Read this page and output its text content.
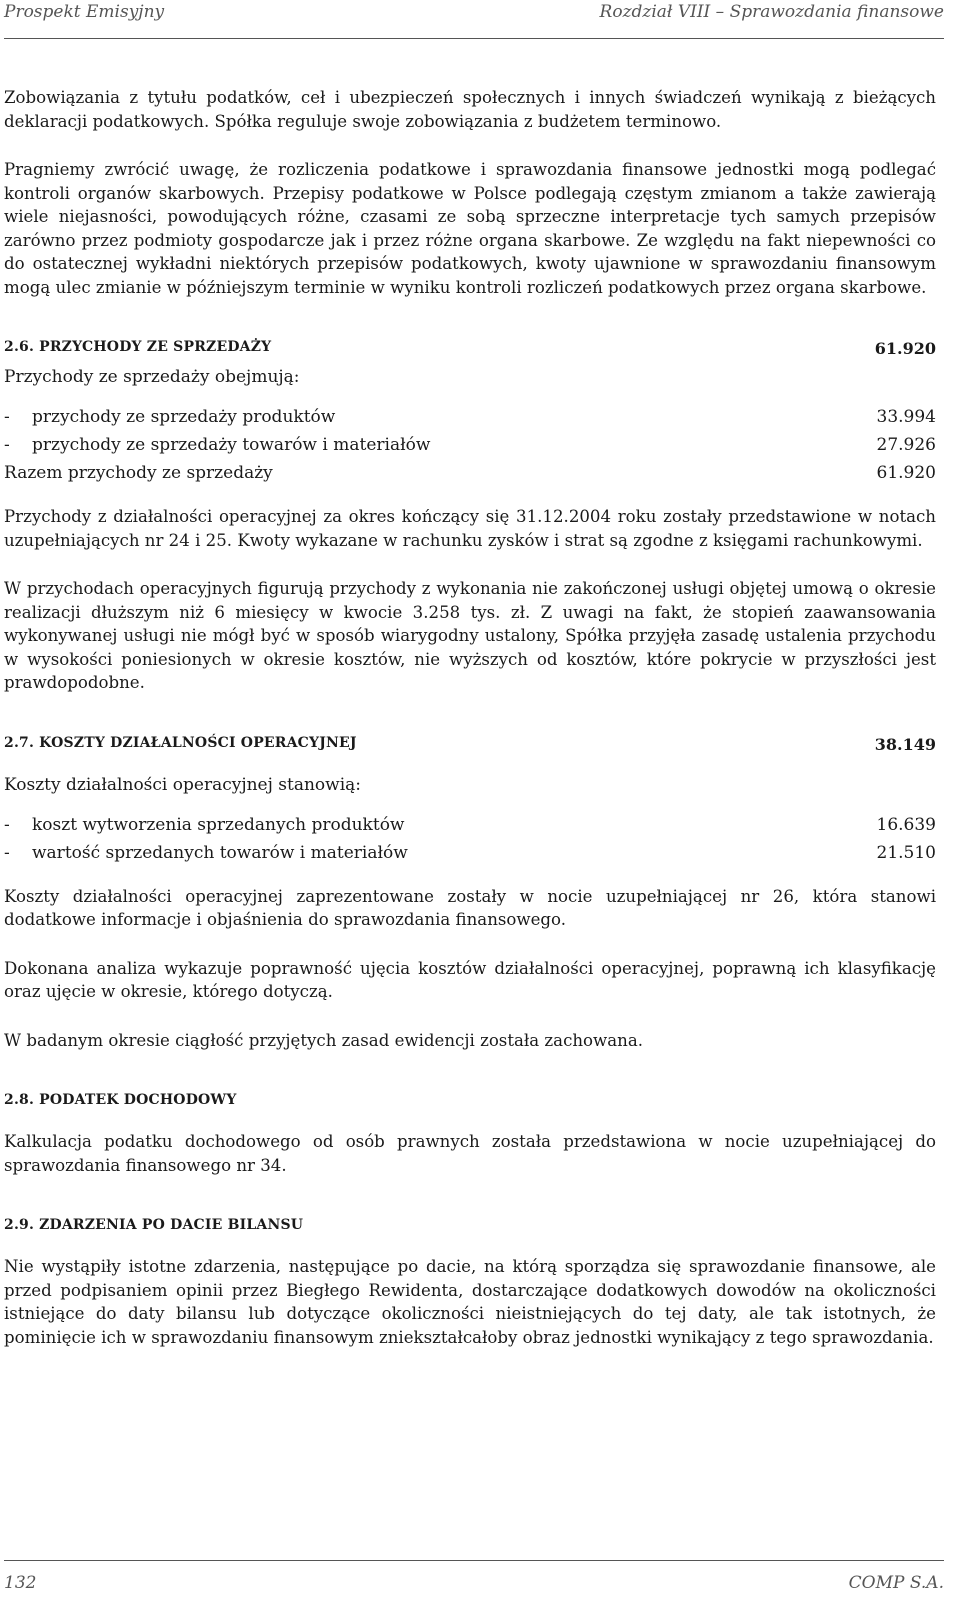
Prospekt Emisyjny	Rozdział VIII – Sprawozdania finansowe

Zobowiązania z tytułu podatków, ceł i ubezpieczeń społecznych i innych świadczeń wynikają z bieżących deklaracji podatkowych. Spółka reguluje swoje zobowiązania z budżetem terminowo.

Pragniemy zwrócić uwagę, że rozliczenia podatkowe i sprawozdania finansowe jednostki mogą podlegać kontroli organów skarbowych. Przepisy podatkowe w Polsce podlegają częstym zmianom a także zawierają wiele niejasności, powodujących różne, czasami ze sobą sprzeczne interpretacje tych samych przepisów zarówno przez podmioty gospodarcze jak i przez różne organa skarbowe. Ze względu na fakt niepewności co do ostatecznej wykładni niektórych przepisów podatkowych, kwoty ujawnione w sprawozdaniu finansowym mogą ulec zmianie w późniejszym terminie w wyniku kontroli rozliczeń podatkowych przez organa skarbowe.

2.6. PRZYCHODY ZE SPRZEDAŻY	61.920

Przychody ze sprzedaży obejmują:

- przychody ze sprzedaży produktów	33.994
- przychody ze sprzedaży towarów i materiałów	27.926
Razem przychody ze sprzedaży	61.920

Przychody z działalności operacyjnej za okres kończący się 31.12.2004 roku zostały przedstawione w notach uzupełniających nr 24 i 25. Kwoty wykazane w rachunku zysków i strat są zgodne z księgami rachunkowymi.

W przychodach operacyjnych figurują przychody z wykonania nie zakończonej usługi objętej umową o okresie realizacji dłuższym niż 6 miesięcy w kwocie 3.258 tys. zł. Z uwagi na fakt, że stopień zaawansowania wykonywanej usługi nie mógł być w sposób wiarygodny ustalony, Spółka przyjęła zasadę ustalenia przychodu w wysokości poniesionych w okresie kosztów, nie wyższych od kosztów, które pokrycie w przyszłości jest prawdopodobne.

2.7. KOSZTY DZIAŁALNOŚCI OPERACYJNEJ	38.149

Koszty działalności operacyjnej stanowią:

- koszt wytworzenia sprzedanych produktów	16.639
- wartość sprzedanych towarów i materiałów	21.510

Koszty działalności operacyjnej zaprezentowane zostały w nocie uzupełniającej nr 26, która stanowi dodatkowe informacje i objaśnienia do sprawozdania finansowego.

Dokonana analiza wykazuje poprawność ujęcia kosztów działalności operacyjnej, poprawną ich klasyfikację oraz ujęcie w okresie, którego dotyczą.

W badanym okresie ciągłość przyjętych zasad ewidencji została zachowana.

2.8. PODATEK DOCHODOWY

Kalkulacja podatku dochodowego od osób prawnych została przedstawiona w nocie uzupełniającej do sprawozdania finansowego nr 34.

2.9. ZDARZENIA PO DACIE BILANSU

Nie wystąpiły istotne zdarzenia, następujące po dacie, na którą sporządza się sprawozdanie finansowe, ale przed podpisaniem opinii przez Biegłego Rewidenta, dostarczające dodatkowych dowodów na okoliczności istniejące do daty bilansu lub dotyczące okoliczności nieistniejących do tej daty, ale tak istotnych, że pominięcie ich w sprawozdaniu finansowym zniekształcałoby obraz jednostki wynikający z tego sprawozdania.

132	COMP S.A.
